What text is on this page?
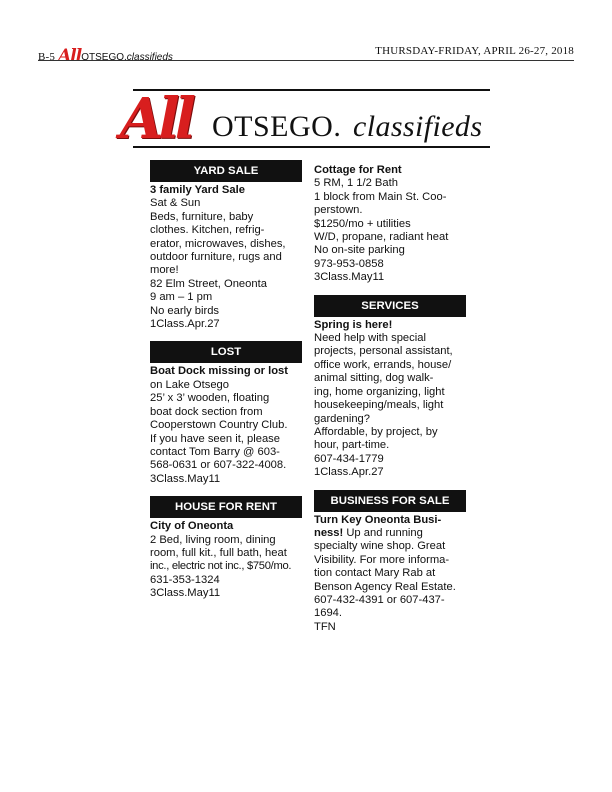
B-5 AllOTSEGO.classifieds
THURSDAY-FRIDAY, APRIL 26-27, 2018
All OTSEGO. classifieds
YARD SALE
3 family Yard Sale

Sat & Sun

Beds, furniture, baby

clothes. Kitchen, refrig-

erator, microwaves, dishes,

outdoor furniture, rugs and

more!

82 Elm Street, Oneonta

9 am – 1 pm

No early birds

1Class.Apr.27

LOST
Boat Dock missing or lost

on Lake Otsego

25’ x 3’ wooden, floating

boat dock section from

Cooperstown Country Club.

If you have seen it, please

contact Tom Barry @ 603-

568-0631 or 607-322-4008.

3Class.May11

HOUSE FOR RENT
City of Oneonta

2 Bed, living room, dining

room, full kit., full bath, heat

inc., electric not inc., $750/mo.

631-353-1324

3Class.May11

Cottage for Rent

5 RM, 1 1/2 Bath

1 block from Main St. Coo-

perstown.

$1250/mo + utilities

W/D, propane, radiant heat

No on-site parking

973-953-0858

3Class.May11

SERVICES
Spring is here!

Need help with special

projects, personal assistant,

office work, errands, house/

animal sitting, dog walk-

ing, home organizing, light

housekeeping/meals, light

gardening?

Affordable, by project, by

hour, part-time.

607-434-1779

1Class.Apr.27

BUSINESS FOR SALE
Turn Key Oneonta Busi-

ness! Up and running

specialty wine shop. Great

Visibility. For more informa-

tion contact Mary Rab at

Benson Agency Real Estate.

607-432-4391 or 607-437-

1694.

TFN
